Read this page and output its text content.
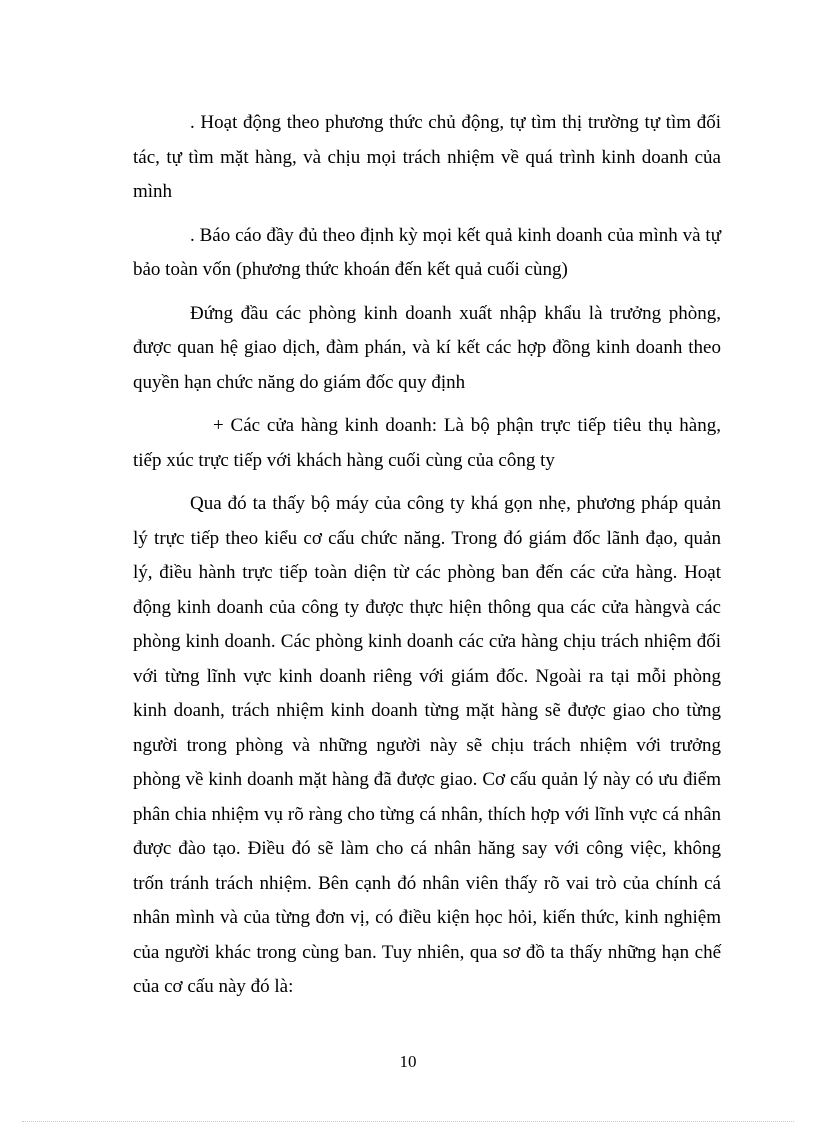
. Hoạt động theo phương thức chủ động, tự tìm thị trường tự tìm đối tác, tự tìm mặt hàng, và chịu mọi trách nhiệm về quá trình kinh doanh của mình

. Báo cáo đầy đủ theo định kỳ mọi kết quả kinh doanh của mình và tự bảo toàn vốn (phương thức khoán đến kết quả cuối cùng)

Đứng đầu các phòng kinh doanh xuất nhập khẩu là trưởng phòng, được quan hệ giao dịch, đàm phán, và kí kết các hợp đồng kinh doanh theo quyền hạn chức năng do giám đốc quy định

+ Các cửa hàng kinh doanh: Là bộ phận trực tiếp tiêu thụ hàng, tiếp xúc trực tiếp với khách hàng cuối cùng của công ty

Qua đó ta thấy bộ máy của công ty khá gọn nhẹ, phương pháp quản lý trực tiếp theo kiểu cơ cấu chức năng. Trong đó giám đốc lãnh đạo, quản lý, điều hành trực tiếp toàn diện từ các phòng ban đến các cửa hàng. Hoạt động kinh doanh của công ty được thực hiện thông qua các cửa hàngvà các phòng kinh doanh. Các phòng kinh doanh các cửa hàng chịu trách nhiệm đối với từng lĩnh vực kinh doanh riêng với giám đốc. Ngoài ra tại mỗi phòng kinh doanh, trách nhiệm kinh doanh từng mặt hàng sẽ được giao cho từng người trong phòng và những người này sẽ chịu trách nhiệm với trưởng phòng về kinh doanh mặt hàng đã được giao. Cơ cấu quản lý này có ưu điểm phân chia nhiệm vụ rõ ràng cho từng cá nhân, thích hợp với lĩnh vực cá nhân được đào tạo. Điều đó sẽ làm cho cá nhân hăng say với công việc, không trốn tránh trách nhiệm. Bên cạnh đó nhân viên thấy rõ vai trò của chính cá nhân mình và của từng đơn vị, có điều kiện học hỏi, kiến thức, kinh nghiệm của người khác trong cùng ban. Tuy nhiên, qua sơ đồ ta thấy những hạn chế của cơ cấu này đó là:

10
